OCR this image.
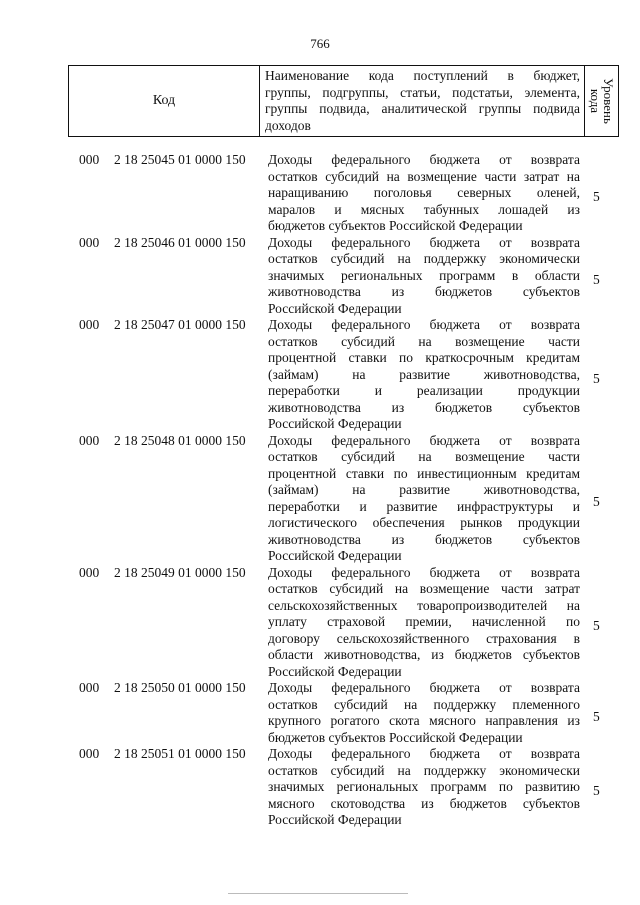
766
Код	
Наименование кода поступлений в бюджет,
группы, подгруппы, статьи, подстатьи, элемента,
группы подвида, аналитической группы подвида
доходов

Уровень
кода
000 2 18 25045 01 0000 150 Доходы федерального бюджета от возврата
остатков субсидий на возмещение части затрат на
наращиванию поголовья северных оленей,
маралов и мясных табунных лошадей из
бюджетов субъектов Российской Федерации
5
000 2 18 25046 01 0000 150 Доходы федерального бюджета от возврата
остатков субсидий на поддержку экономически
значимых региональных программ в области
животноводства из бюджетов субъектов
Российской Федерации
5
000 2 18 25047 01 0000 150 Доходы федерального бюджета от возврата
остатков субсидий на возмещение части
процентной ставки по краткосрочным кредитам
(займам) на развитие животноводства,
переработки и реализации продукции
животноводства из бюджетов субъектов
Российской Федерации
5
000 2 18 25048 01 0000 150 Доходы федерального бюджета от возврата
остатков субсидий на возмещение части
процентной ставки по инвестиционным кредитам
(займам) на развитие животноводства,
переработки и развитие инфраструктуры и
логистического обеспечения рынков продукции
животноводства из бюджетов субъектов
Российской Федерации
5
000 2 18 25049 01 0000 150 Доходы федерального бюджета от возврата
остатков субсидий на возмещение части затрат
сельскохозяйственных товаропроизводителей на
уплату страховой премии, начисленной по
договору сельскохозяйственного страхования в
области животноводства, из бюджетов субъектов
Российской Федерации
5
000 2 18 25050 01 0000 150 Доходы федерального бюджета от возврата
остатков субсидий на поддержку племенного
крупного рогатого скота мясного направления из
бюджетов субъектов Российской Федерации
5
000 2 18 25051 01 0000 150 Доходы федерального бюджета от возврата
остатков субсидий на поддержку экономически
значимых региональных программ по развитию
мясного скотоводства из бюджетов субъектов
Российской Федерации
5
